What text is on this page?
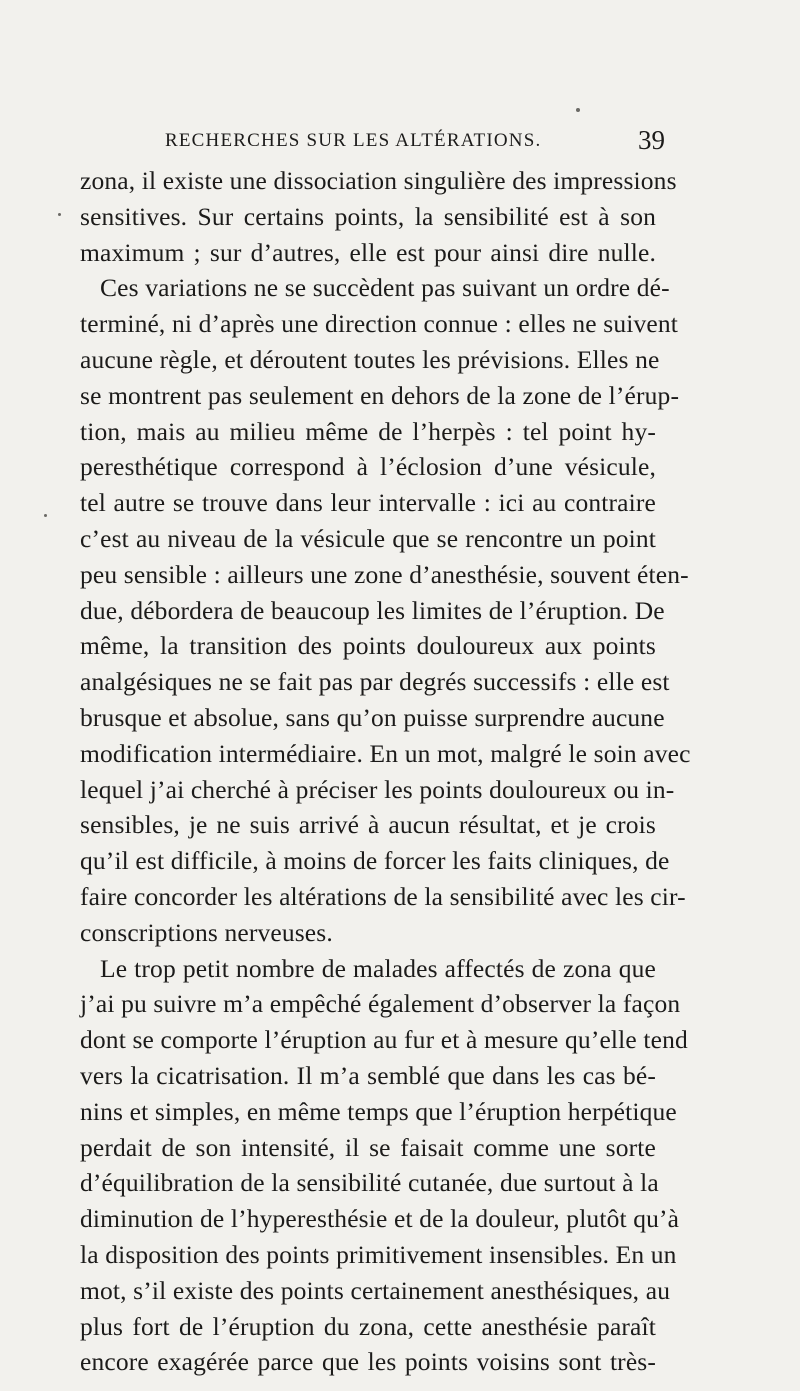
RECHERCHES SUR LES ALTÉRATIONS.	39
zona, il existe une dissociation singulière des impressions
sensitives. Sur certains points, la sensibilité est à son
maximum ; sur d’autres, elle est pour ainsi dire nulle.
Ces variations ne se succèdent pas suivant un ordre dé-
terminé, ni d’après une direction connue : elles ne suivent
aucune règle, et déroutent toutes les prévisions. Elles ne
se montrent pas seulement en dehors de la zone de l’érup-
tion, mais au milieu même de l’herpès : tel point hy-
peresthétique correspond à l’éclosion d’une vésicule,
tel autre se trouve dans leur intervalle : ici au contraire
c’est au niveau de la vésicule que se rencontre un point
peu sensible : ailleurs une zone d’anesthésie, souvent éten-
due, débordera de beaucoup les limites de l’éruption. De
même, la transition des points douloureux aux points
analgésiques ne se fait pas par degrés successifs : elle est
brusque et absolue, sans qu’on puisse surprendre aucune
modification intermédiaire. En un mot, malgré le soin avec
lequel j’ai cherché à préciser les points douloureux ou in-
sensibles, je ne suis arrivé à aucun résultat, et je crois
qu’il est difficile, à moins de forcer les faits cliniques, de
faire concorder les altérations de la sensibilité avec les cir-
conscriptions nerveuses.
Le trop petit nombre de malades affectés de zona que
j’ai pu suivre m’a empêché également d’observer la façon
dont se comporte l’éruption au fur et à mesure qu’elle tend
vers la cicatrisation. Il m’a semblé que dans les cas bé-
nins et simples, en même temps que l’éruption herpétique
perdait de son intensité, il se faisait comme une sorte
d’équilibration de la sensibilité cutanée, due surtout à la
diminution de l’hyperesthésie et de la douleur, plutôt qu’à
la disposition des points primitivement insensibles. En un
mot, s’il existe des points certainement anesthésiques, au
plus fort de l’éruption du zona, cette anesthésie paraît
encore exagérée parce que les points voisins sont très-
